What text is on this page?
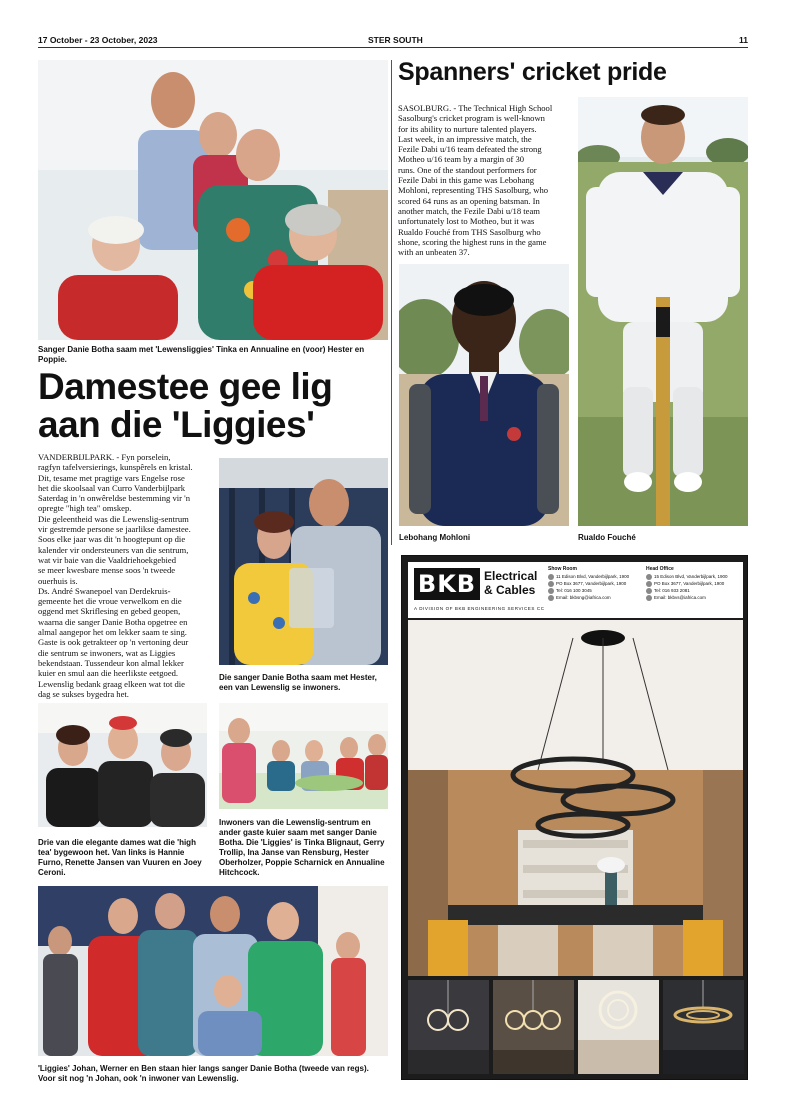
17 October - 23 October, 2023	STER SOUTH	11
Sanger Danie Botha saam met 'Lewensliggies' Tinka en Annualine en (voor) Hester en Poppie.
Damestee gee lig
aan die 'Liggies'
VANDERBIJLPARK. - Fyn porselein,
ragfyn tafelversierings, kunspêrels en kristal.
Dit, tesame met pragtige vars Engelse rose
het die skoolsaal van Curro Vanderbijlpark
Saterdag in 'n onwêreldse bestemming vir 'n
opregte "high tea" omskep.
Die geleentheid was die Lewenslig-sentrum
vir gestremde persone se jaarlikse damestee.
Soos elke jaar was dit 'n hoogtepunt op die
kalender vir ondersteuners van die sentrum,
wat vir baie van die Vaaldriehoekgebied
se meer kwesbare mense soos 'n tweede
ouerhuis is.
Ds. André Swanepoel van Derdekruis-
gemeente het die vroue verwelkom en die
oggend met Skriflesing en gebed geopen,
waarna die sanger Danie Botha opgetree en
almal aangepor het om lekker saam te sing.
Gaste is ook getrakteer op 'n vertoning deur
die sentrum se inwoners, wat as Liggies
bekendstaan. Tussendeur kon almal lekker
kuier en smul aan die heerlikste eetgoed.
Lewenslig bedank graag elkeen wat tot die
dag se sukses bygedra het.
Die sanger Danie Botha saam met Hester, een van Lewenslig se inwoners.
Drie van die elegante dames wat die 'high tea' bygewoon het. Van links is Hannie Furno, Renette Jansen van Vuuren en Joey Ceroni.
Inwoners van die Lewenslig-sentrum en ander gaste kuier saam met sanger Danie Botha. Die 'Liggies' is Tinka Blignaut, Gerry Trollip, Ina Janse van Rensburg, Hester Oberholzer, Poppie Scharnick en Annualine Hitchcock.
'Liggies' Johan, Werner en Ben staan hier langs sanger Danie Botha (tweede van regs). Voor sit nog 'n Johan, ook 'n inwoner van Lewenslig.
Spanners' cricket pride
SASOLBURG. - The Technical High School
Sasolburg's cricket program is well-known
for its ability to nurture talented players.
Last week, in an impressive match, the
Fezile Dabi u/16 team defeated the strong
Motheo u/16 team by a margin of 30
runs. One of the standout performers for
Fezile Dabi in this game was Lebohang
Mohloni, representing THS Sasolburg, who
scored 64 runs as an opening batsman. In
another match, the Fezile Dabi u/18 team
unfortunately lost to Motheo, but it was
Rualdo Fouché from THS Sasolburg who
shone, scoring the highest runs in the game
with an unbeaten 37.
Lebohang Mohloni	Rualdo Fouché
BKB Electrical
& Cables
A DIVISION OF BKB ENGINEERING SERVICES CC
Show Room
11 Edison Blvd, Vanderbijlpark, 1900
PO Box 3677, Vanderbijlpark, 1900
Tel: 016 100 3045
Email: bkbsng@iafrica.com
Head Office
15 Edison Blvd, Vanderbijlpark, 1900
PO Box 3677, Vanderbijlpark, 1900
Tel: 016 933 2081
Email: bkbvs@iafrica.com
